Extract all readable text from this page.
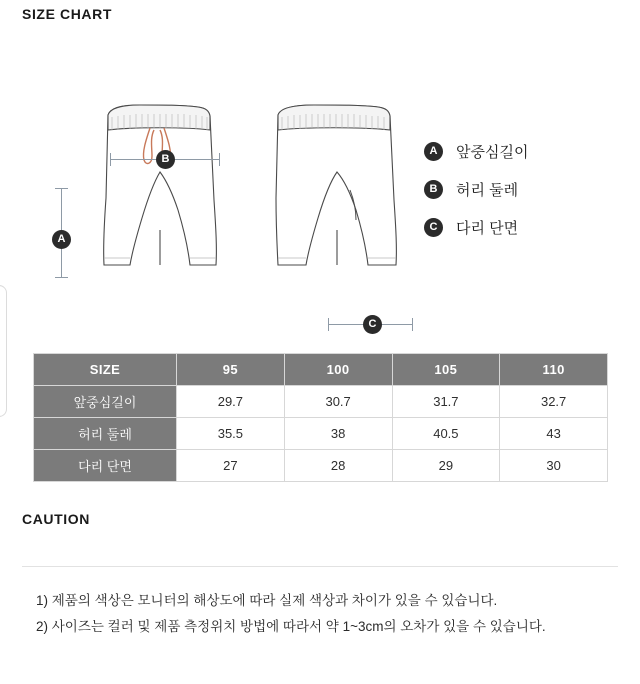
SIZE CHART
A
B
C
A	앞중심길이
B	허리 둘레
C	다리 단면
SIZE	95	100	105	110
앞중심길이	29.7	30.7	31.7	32.7
허리 둘레	35.5	38	40.5	43
다리 단면	27	28	29	30
CAUTION
1) 제품의 색상은 모니터의 해상도에 따라 실제 색상과 차이가 있을 수 있습니다.
2) 사이즈는 컬러 및 제품 측정위치 방법에 따라서 약 1~3cm의 오차가 있을 수 있습니다.
